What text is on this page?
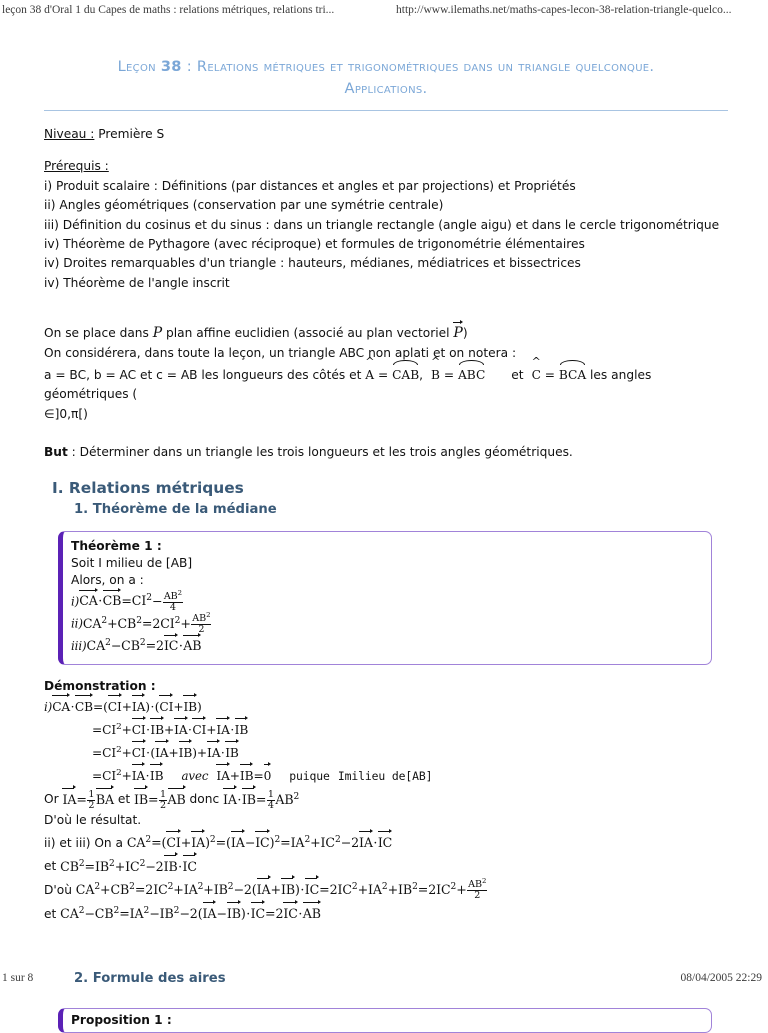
leçon 38 d'Oral 1 du Capes de maths : relations métriques, relations tri...	http://www.ilemaths.net/maths-capes-lecon-38-relation-triangle-quelco...
Leçon 38 : Relations métriques et trigonométriques dans un triangle quelconque.
Applications.
Niveau : Première S
Prérequis :
i) Produit scalaire : Définitions (par distances et angles et par projections) et Propriétés
ii) Angles géométriques (conservation par une symétrie centrale)
iii) Définition du cosinus et du sinus : dans un triangle rectangle (angle aigu) et dans le cercle trigonométrique
iv) Théorème de Pythagore (avec réciproque) et formules de trigonométrie élémentaires
iv) Droites remarquables d'un triangle : hauteurs, médianes, médiatrices et bissectrices
iv) Théorème de l'angle inscrit
On se place dans P plan affine euclidien (associé au plan vectoriel P)
On considérera, dans toute la leçon, un triangle ABC non aplati et on notera :
a = BC, b = AC et c = AB les longueurs des côtés et ^ A = CAB, ^ B = ABC et ^ C = BCA les angles géométriques (
∈]0,π[)
But : Déterminer dans un triangle les trois longueurs et les trois angles géométriques.
I. Relations métriques
1. Théorème de la médiane
Théorème 1 :
Soit I milieu de [AB]
Alors, on a :
$i)CA\cdot CB=CI^2- \frac{AB^2}{4}$
$ii)CA^2+CB^2=2CI^2+ \frac{AB^2}{2}$
$iii)CA^2-CB^2=2IC\cdot AB$
Démonstration :
i)CA·CB=(CI+IA)·(CI+IB)
$=CI^2+CI\cdot IB+IA\cdot CI+IA\cdot IB$
$=CI^2+CI\cdot(IA+IB)+IA\cdot IB$
$=CI^2+IA\cdot IB$ avec IA+IB=0 puique Imilieu de[AB]
Or $IA= \frac{1}{2}$ BA et $IB= \frac{1}{2}$ AB donc $IA\cdot IB= \frac{1}{4} AB^2$
D'où le résultat.
ii) et iii) On a $CA^2=(CI+IA)^2=(IA-IC)^2=IA^2+IC^2-2IA\cdot IC$
et $CB^2=IB^2+IC^2-2IB\cdot IC$
D'où $CA^2+CB^2=2IC^2+IA^2+IB^2-2(IA+IB)\cdot IC=2IC^2+IA^2+IB^2=2IC^2+ \frac{AB^2}{2}$
et $CA^2-CB^2=IA^2-IB^2-2(IA-IB)\cdot IC=2IC\cdot AB$
2. Formule des aires
Proposition 1 :
1 sur 8	08/04/2005 22:29
